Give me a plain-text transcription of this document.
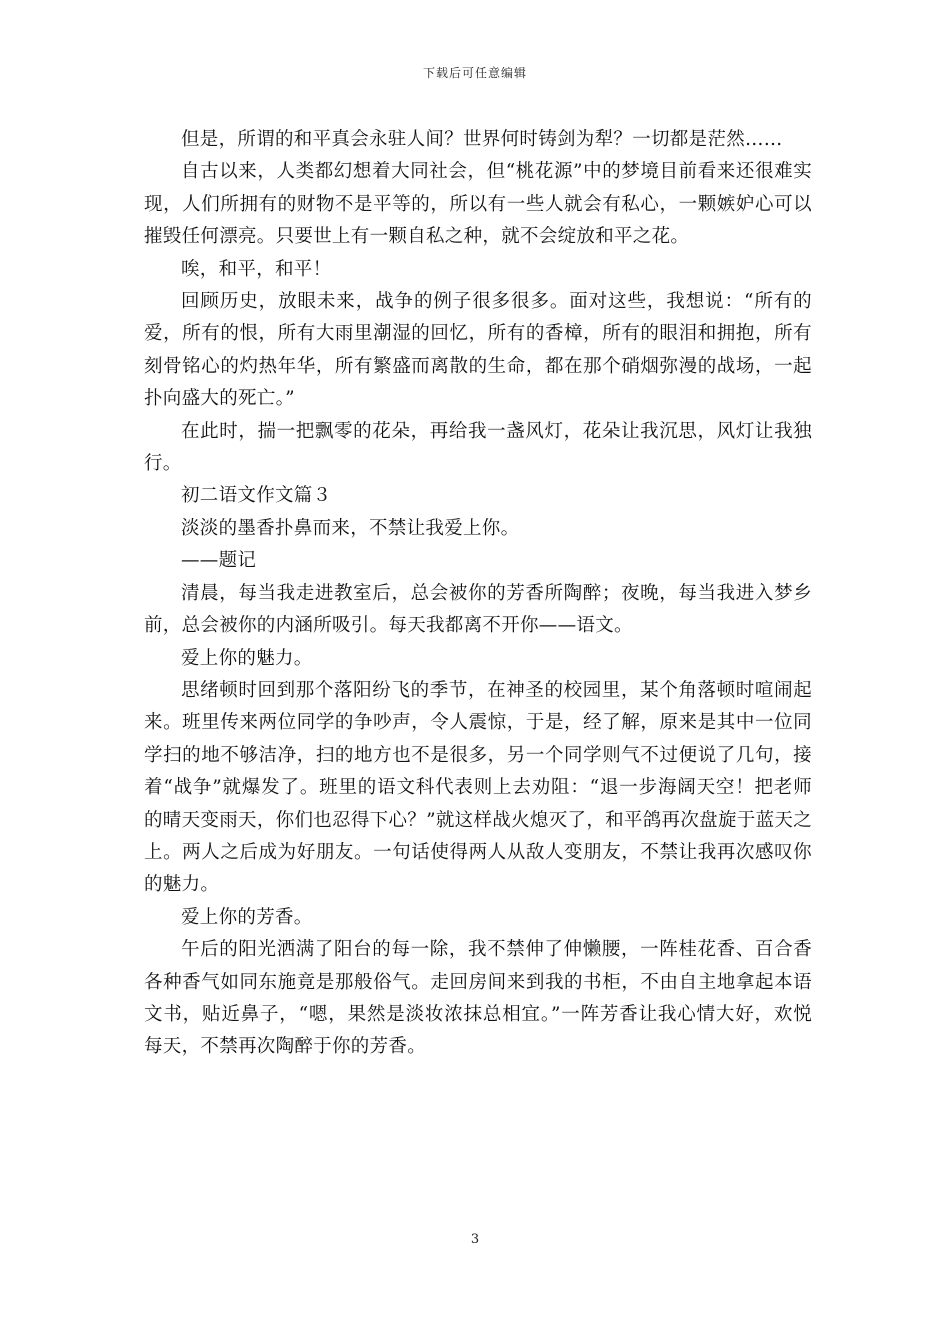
下载后可任意编辑

但是，所谓的和平真会永驻人间？世界何时铸剑为犁？一切都是茫然……

自古以来，人类都幻想着大同社会，但“桃花源”中的梦境目前看来还很难实现，人们所拥有的财物不是平等的，所以有一些人就会有私心，一颗嫉妒心可以摧毁任何漂亮。只要世上有一颗自私之种，就不会绽放和平之花。

唉，和平，和平！

回顾历史，放眼未来，战争的例子很多很多。面对这些，我想说：“所有的爱，所有的恨，所有大雨里潮湿的回忆，所有的香樟，所有的眼泪和拥抱，所有刻骨铭心的灼热年华，所有繁盛而离散的生命，都在那个硝烟弥漫的战场，一起扑向盛大的死亡。”

在此时，揣一把飘零的花朵，再给我一盏风灯，花朵让我沉思，风灯让我独行。

初二语文作文篇３

淡淡的墨香扑鼻而来，不禁让我爱上你。

——题记

清晨，每当我走进教室后，总会被你的芳香所陶醉；夜晚，每当我进入梦乡前，总会被你的内涵所吸引。每天我都离不开你——语文。

爱上你的魅力。

思绪顿时回到那个落阳纷飞的季节，在神圣的校园里，某个角落顿时喧闹起来。班里传来两位同学的争吵声，令人震惊，于是，经了解，原来是其中一位同学扫的地不够洁净，扫的地方也不是很多，另一个同学则气不过便说了几句，接着“战争”就爆发了。班里的语文科代表则上去劝阻：“退一步海阔天空！把老师的晴天变雨天，你们也忍得下心？”就这样战火熄灭了，和平鸽再次盘旋于蓝天之上。两人之后成为好朋友。一句话使得两人从敌人变朋友，不禁让我再次感叹你的魅力。

爱上你的芳香。

午后的阳光洒满了阳台的每一除，我不禁伸了伸懒腰，一阵桂花香、百合香各种香气如同东施竟是那般俗气。走回房间来到我的书柜，不由自主地拿起本语文书，贴近鼻子，“嗯，果然是淡妆浓抹总相宜。”一阵芳香让我心情大好，欢悦每天，不禁再次陶醉于你的芳香。

3
